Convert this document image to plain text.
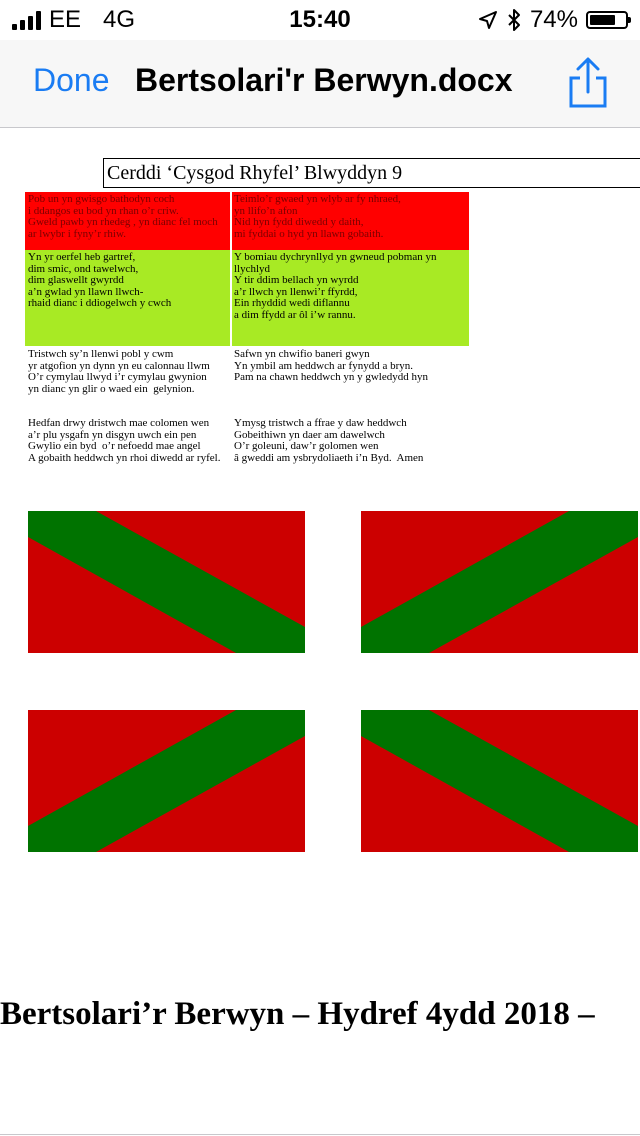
EE 4G	15:40	74%
Done Bertsolari'r Berwyn.docx
Cerddi ‘Cysgod Rhyfel’ Blwyddyn 9
Pob un yn gwisgo bathodyn coch
i ddangos eu bod yn rhan o’r criw.
Gweld pawb yn rhedeg , yn dianc fel moch
ar lwybr i fyny’r rhiw.
Teimlo’r gwaed yn wlyb ar fy nhraed,
yn llifo’n afon
Nid hyn fydd diwedd y daith,
mi fyddai o hyd yn llawn gobaith.
Yn yr oerfel heb gartref,
dim smic, ond tawelwch,
dim glaswellt gwyrdd
a’n gwlad yn llawn llwch-
rhaid dianc i ddiogelwch y cwch
Y bomiau dychrynllyd yn gwneud pobman yn
llychlyd
Y tir ddim bellach yn wyrdd
a’r llwch yn llenwi’r ffyrdd,
Ein rhyddid wedi diflannu
a dim ffydd ar ôl i’w rannu.
Tristwch sy’n llenwi pobl y cwm
yr atgofion yn dynn yn eu calonnau llwm
O’r cymylau llwyd i’r cymylau gwynion
yn dianc yn glir o waed ein  gelynion.
Safwn yn chwifio baneri gwyn
Yn ymbil am heddwch ar fynydd a bryn.
Pam na chawn heddwch yn y gwledydd hyn
Hedfan drwy dristwch mae colomen wen
a’r plu ysgafn yn disgyn uwch ein pen
Gwylio ein byd  o’r nefoedd mae angel
A gobaith heddwch yn rhoi diwedd ar ryfel.
Ymysg tristwch a ffrae y daw heddwch
Gobeithiwn yn daer am dawelwch
O’r goleuni, daw’r golomen wen
â gweddi am ysbrydoliaeth i’n Byd.  Amen
Bertsolari’r Berwyn – Hydref 4ydd 2018 –
